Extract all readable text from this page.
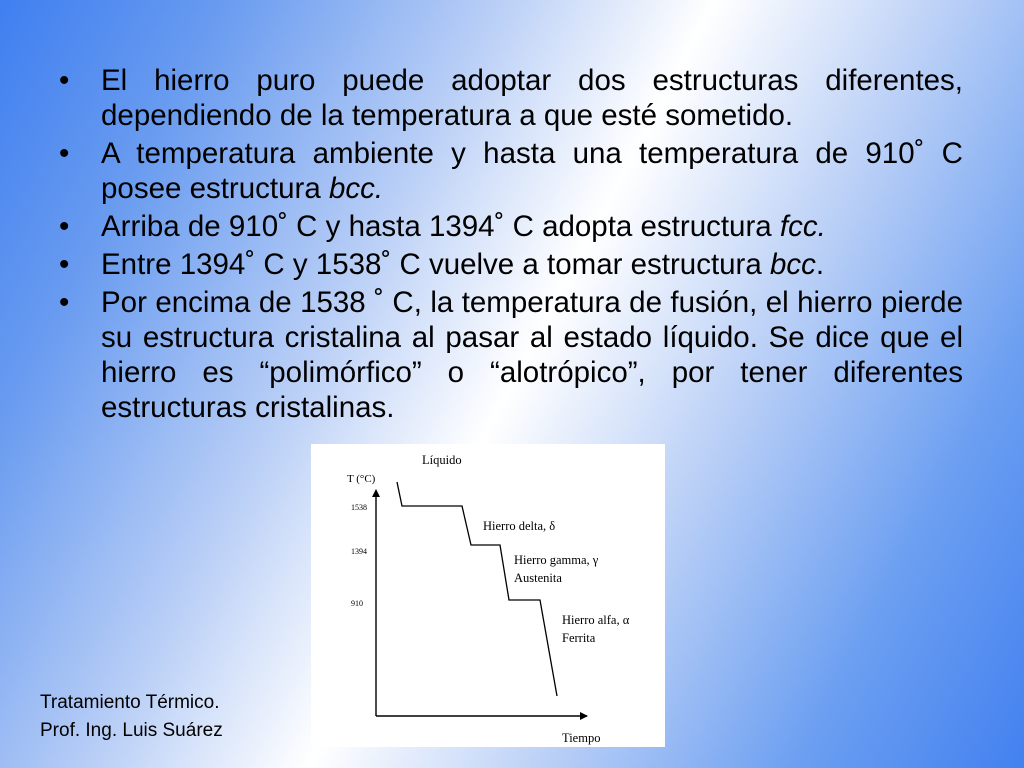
• El hierro puro puede adoptar dos estructuras diferentes, dependiendo de la temperatura a que esté sometido.
• A temperatura ambiente y hasta una temperatura de 910˚ C posee estructura bcc.
• Arriba de 910˚ C y hasta 1394˚ C adopta estructura fcc.
• Entre 1394˚ C y 1538˚ C vuelve a tomar estructura bcc.
• Por encima de 1538 ˚ C, la temperatura de fusión, el hierro pierde su estructura cristalina al pasar al estado líquido. Se dice que el hierro es “polimórfico” o “alotrópico”, por tener diferentes estructuras cristalinas.
Líquido
T (°C)
1538
1394
910
Hierro delta, δ
Hierro gamma, γ
Austenita
Hierro alfa, α
Ferrita
Tiempo
Tratamiento Térmico.
Prof. Ing. Luis Suárez
